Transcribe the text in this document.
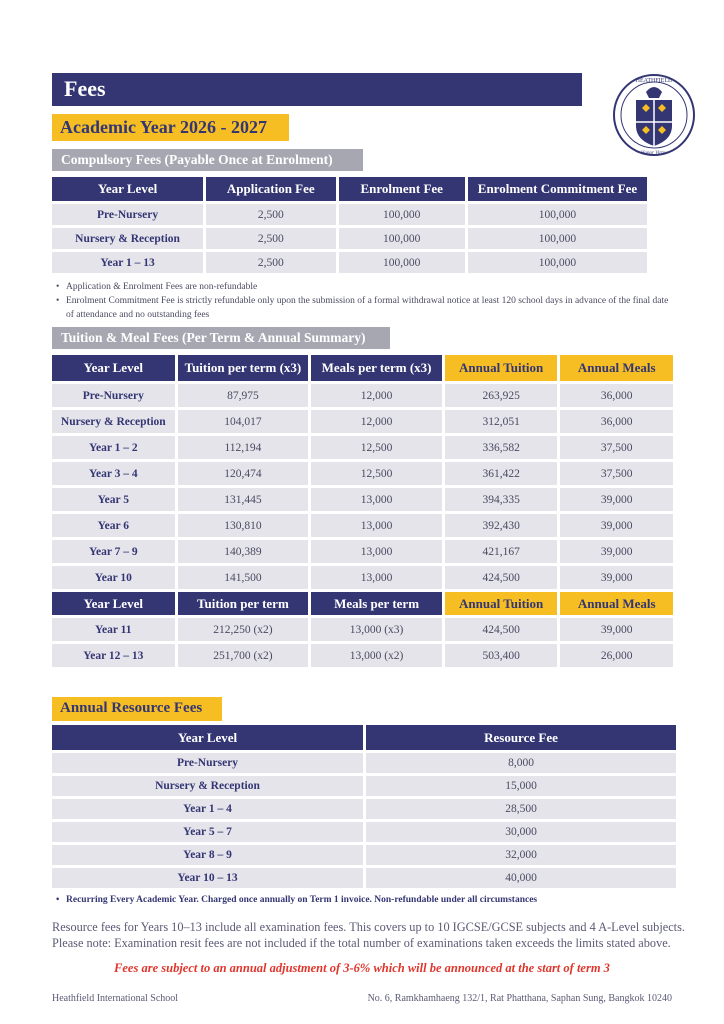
Fees	HEATHFIELD
Honor Virtus
Academic Year 2026 - 2027
Compulsory Fees (Payable Once at Enrolment)
Year Level	Application Fee	Enrolment Fee	Enrolment Commitment Fee
Pre-Nursery	2,500	100,000	100,000
Nursery & Reception	2,500	100,000	100,000
Year 1 – 13	2,500	100,000	100,000
• Application & Enrolment Fees are non-refundable
• Enrolment Commitment Fee is strictly refundable only upon the submission of a formal withdrawal notice at least 120 school days in advance of the final date of attendance and no outstanding fees
Tuition & Meal Fees (Per Term & Annual Summary)
Year Level	Tuition per term (x3)	Meals per term (x3)	Annual Tuition	Annual Meals
Pre-Nursery	87,975	12,000	263,925	36,000
Nursery & Reception	104,017	12,000	312,051	36,000
Year 1 – 2	112,194	12,500	336,582	37,500
Year 3 – 4	120,474	12,500	361,422	37,500
Year 5	131,445	13,000	394,335	39,000
Year 6	130,810	13,000	392,430	39,000
Year 7 – 9	140,389	13,000	421,167	39,000
Year 10	141,500	13,000	424,500	39,000
Year Level	Tuition per term	Meals per term	Annual Tuition	Annual Meals
Year 11	212,250 (x2)	13,000 (x3)	424,500	39,000
Year 12 – 13	251,700 (x2)	13,000 (x2)	503,400	26,000
Annual Resource Fees
Year Level	Resource Fee
Pre-Nursery	8,000
Nursery & Reception	15,000
Year 1 – 4	28,500
Year 5 – 7	30,000
Year 8 – 9	32,000
Year 10 – 13	40,000
• Recurring Every Academic Year. Charged once annually on Term 1 invoice. Non-refundable under all circumstances

Resource fees for Years 10–13 include all examination fees. This covers up to 10 IGCSE/GCSE subjects and 4 A-Level subjects. Please note: Examination resit fees are not included if the total number of examinations taken exceeds the limits stated above.

Fees are subject to an annual adjustment of 3-6% which will be announced at the start of term 3
Heathfield International School	No. 6, Ramkhamhaeng 132/1, Rat Phatthana, Saphan Sung, Bangkok 10240
